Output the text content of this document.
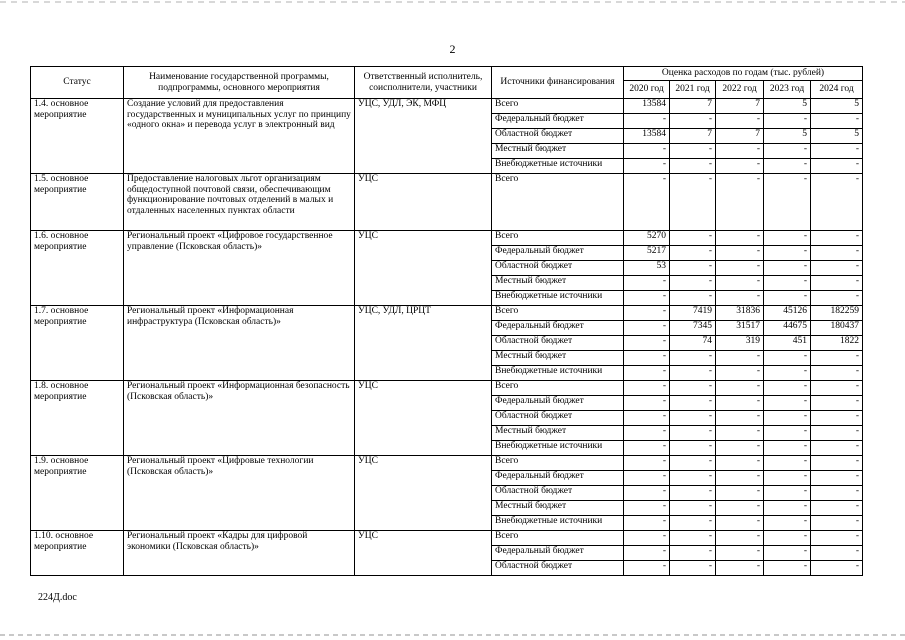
2
Статус	Наименование государственной программы, подпрограммы, основного мероприятия	Ответственный исполнитель, соисполнители, участники	Источники финансирования	Оценка расходов по годам (тыс. рублей)				
				2020 год	2021 год	2022 год	2023 год	2024 год
1.4. основное мероприятие	Создание условий для предоставления государственных и муниципальных услуг по принципу «одного окна» и перевода услуг в электронный вид	УЦС, УДЛ, ЭК, МФЦ	Всего	13584	7	7	5	5
			Федеральный бюджет	-	-	-	-	-
			Областной бюджет	13584	7	7	5	5
			Местный бюджет	-	-	-	-	-
			Внебюджетные источники	-	-	-	-	-
1.5. основное мероприятие	Предоставление налоговых льгот организациям общедоступной почтовой связи, обеспечивающим функционирование почтовых отделений в малых и отдаленных населенных пунктах области	УЦС	Всего	-	-	-	-	-
1.6. основное мероприятие	Региональный проект «Цифровое государственное управление (Псковская область)»	УЦС	Всего	5270	-	-	-	-
			Федеральный бюджет	5217	-	-	-	-
			Областной бюджет	53	-	-	-	-
			Местный бюджет	-	-	-	-	-
			Внебюджетные источники	-	-	-	-	-
1.7. основное мероприятие	Региональный проект «Информационная инфраструктура (Псковская область)»	УЦС, УДЛ, ЦРЦТ	Всего	-	7419	31836	45126	182259
			Федеральный бюджет	-	7345	31517	44675	180437
			Областной бюджет	-	74	319	451	1822
			Местный бюджет	-	-	-	-	-
			Внебюджетные источники	-	-	-	-	-
1.8. основное мероприятие	Региональный проект «Информационная безопасность (Псковская область)»	УЦС	Всего	-	-	-	-	-
			Федеральный бюджет	-	-	-	-	-
			Областной бюджет	-	-	-	-	-
			Местный бюджет	-	-	-	-	-
			Внебюджетные источники	-	-	-	-	-
1.9. основное мероприятие	Региональный проект «Цифровые технологии (Псковская область)»	УЦС	Всего	-	-	-	-	-
			Федеральный бюджет	-	-	-	-	-
			Областной бюджет	-	-	-	-	-
			Местный бюджет	-	-	-	-	-
			Внебюджетные источники	-	-	-	-	-
1.10. основное мероприятие	Региональный проект «Кадры для цифровой экономики (Псковская область)»	УЦС	Всего	-	-	-	-	-
			Федеральный бюджет	-	-	-	-	-
			Областной бюджет	-	-	-	-	-
224Д.doc
